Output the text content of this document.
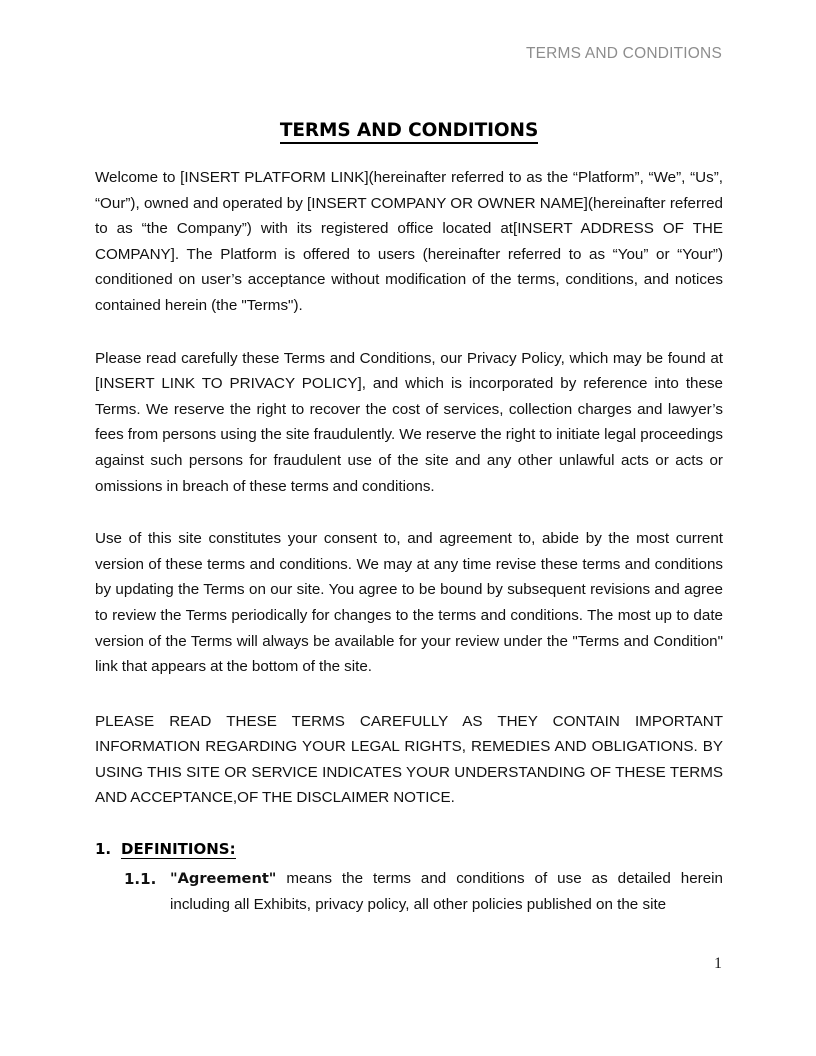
TERMS AND CONDITIONS
TERMS AND CONDITIONS

Welcome to [INSERT PLATFORM LINK](hereinafter referred to as the “Platform”, “We”, “Us”, “Our”), owned and operated by [INSERT COMPANY OR OWNER NAME](hereinafter referred to as “the Company”) with its registered office located at[INSERT ADDRESS OF THE COMPANY]. The Platform is offered to users (hereinafter referred to as “You” or “Your”) conditioned on user’s acceptance without modification of the terms, conditions, and notices contained herein (the "Terms").

Please read carefully these Terms and Conditions, our Privacy Policy, which may be found at [INSERT LINK TO PRIVACY POLICY], and which is incorporated by reference into these Terms. We reserve the right to recover the cost of services, collection charges and lawyer’s fees from persons using the site fraudulently. We reserve the right to initiate legal proceedings against such persons for fraudulent use of the site and any other unlawful acts or acts or omissions in breach of these terms and conditions.

Use of this site constitutes your consent to, and agreement to, abide by the most current version of these terms and conditions. We may at any time revise these terms and conditions by updating the Terms on our site. You agree to be bound by subsequent revisions and agree to review the Terms periodically for changes to the terms and conditions. The most up to date version of the Terms will always be available for your review under the "Terms and Condition" link that appears at the bottom of the site.

PLEASE READ THESE TERMS CAREFULLY AS THEY CONTAIN IMPORTANT INFORMATION REGARDING YOUR LEGAL RIGHTS, REMEDIES AND OBLIGATIONS. BY USING THIS SITE OR SERVICE INDICATES YOUR UNDERSTANDING OF THESE TERMS AND ACCEPTANCE,OF THE DISCLAIMER NOTICE.

1. DEFINITIONS:
1.1. "Agreement" means the terms and conditions of use as detailed herein including all Exhibits, privacy policy, all other policies published on the site
1
